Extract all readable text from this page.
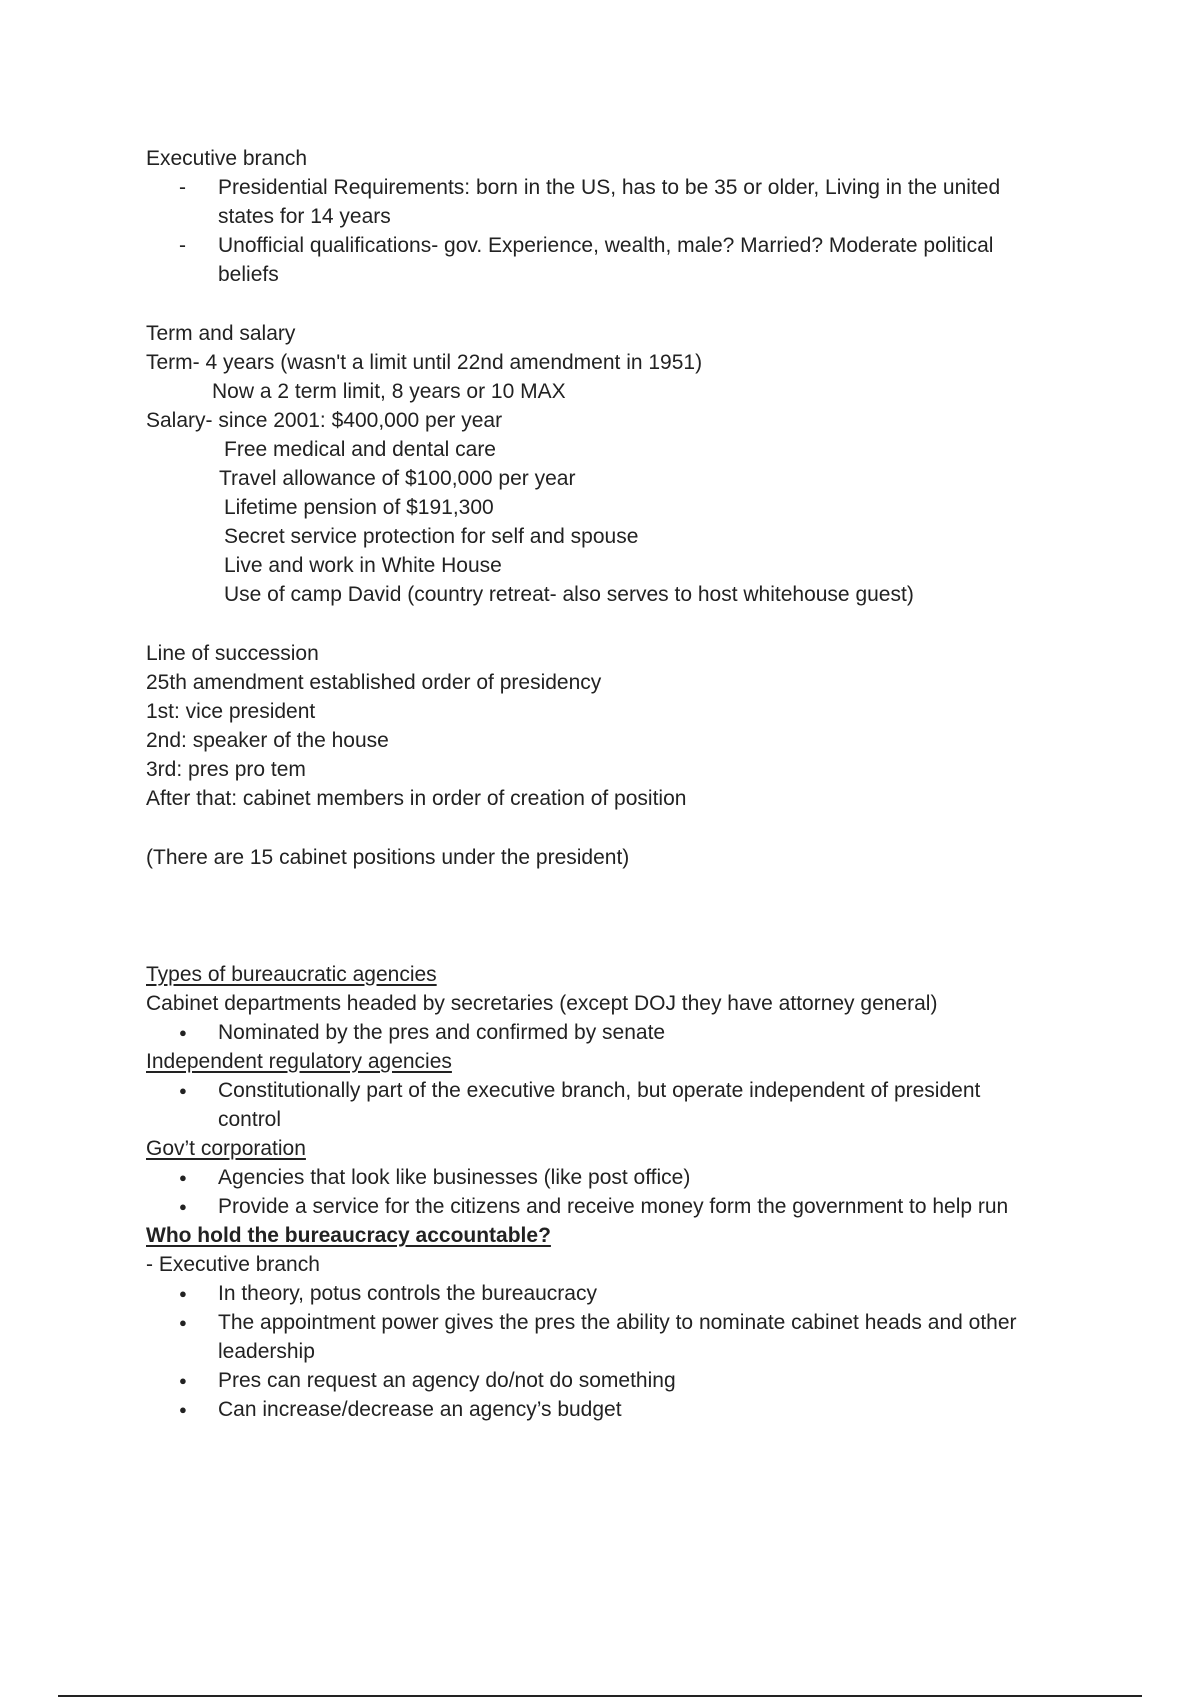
Executive branch
-
Presidential Requirements: born in the US, has to be 35 or older, Living in the united
states for 14 years
-
Unofficial qualifications- gov. Experience, wealth, male? Married? Moderate political
beliefs
Term and salary
Term- 4 years (wasn't a limit until 22nd amendment in 1951)
Now a 2 term limit, 8 years or 10 MAX
Salary- since 2001: $400,000 per year
Free medical and dental care
Travel allowance of $100,000 per year
Lifetime pension of $191,300
Secret service protection for self and spouse
Live and work in White House
Use of camp David (country retreat- also serves to host whitehouse guest)
Line of succession
25th amendment established order of presidency
1st: vice president
2nd: speaker of the house
3rd: pres pro tem
After that: cabinet members in order of creation of position
(There are 15 cabinet positions under the president)
Types of bureaucratic agencies
Cabinet departments headed by secretaries (except DOJ they have attorney general)
●
Nominated by the pres and confirmed by senate
Independent regulatory agencies
●
Constitutionally part of the executive branch, but operate independent of president
control
Gov’t corporation
●
Agencies that look like businesses (like post office)
●
Provide a service for the citizens and receive money form the government to help run
Who hold the bureaucracy accountable?
- Executive branch
●
In theory, potus controls the bureaucracy
●
The appointment power gives the pres the ability to nominate cabinet heads and other
leadership
●
Pres can request an agency do/not do something
●
Can increase/decrease an agency’s budget
